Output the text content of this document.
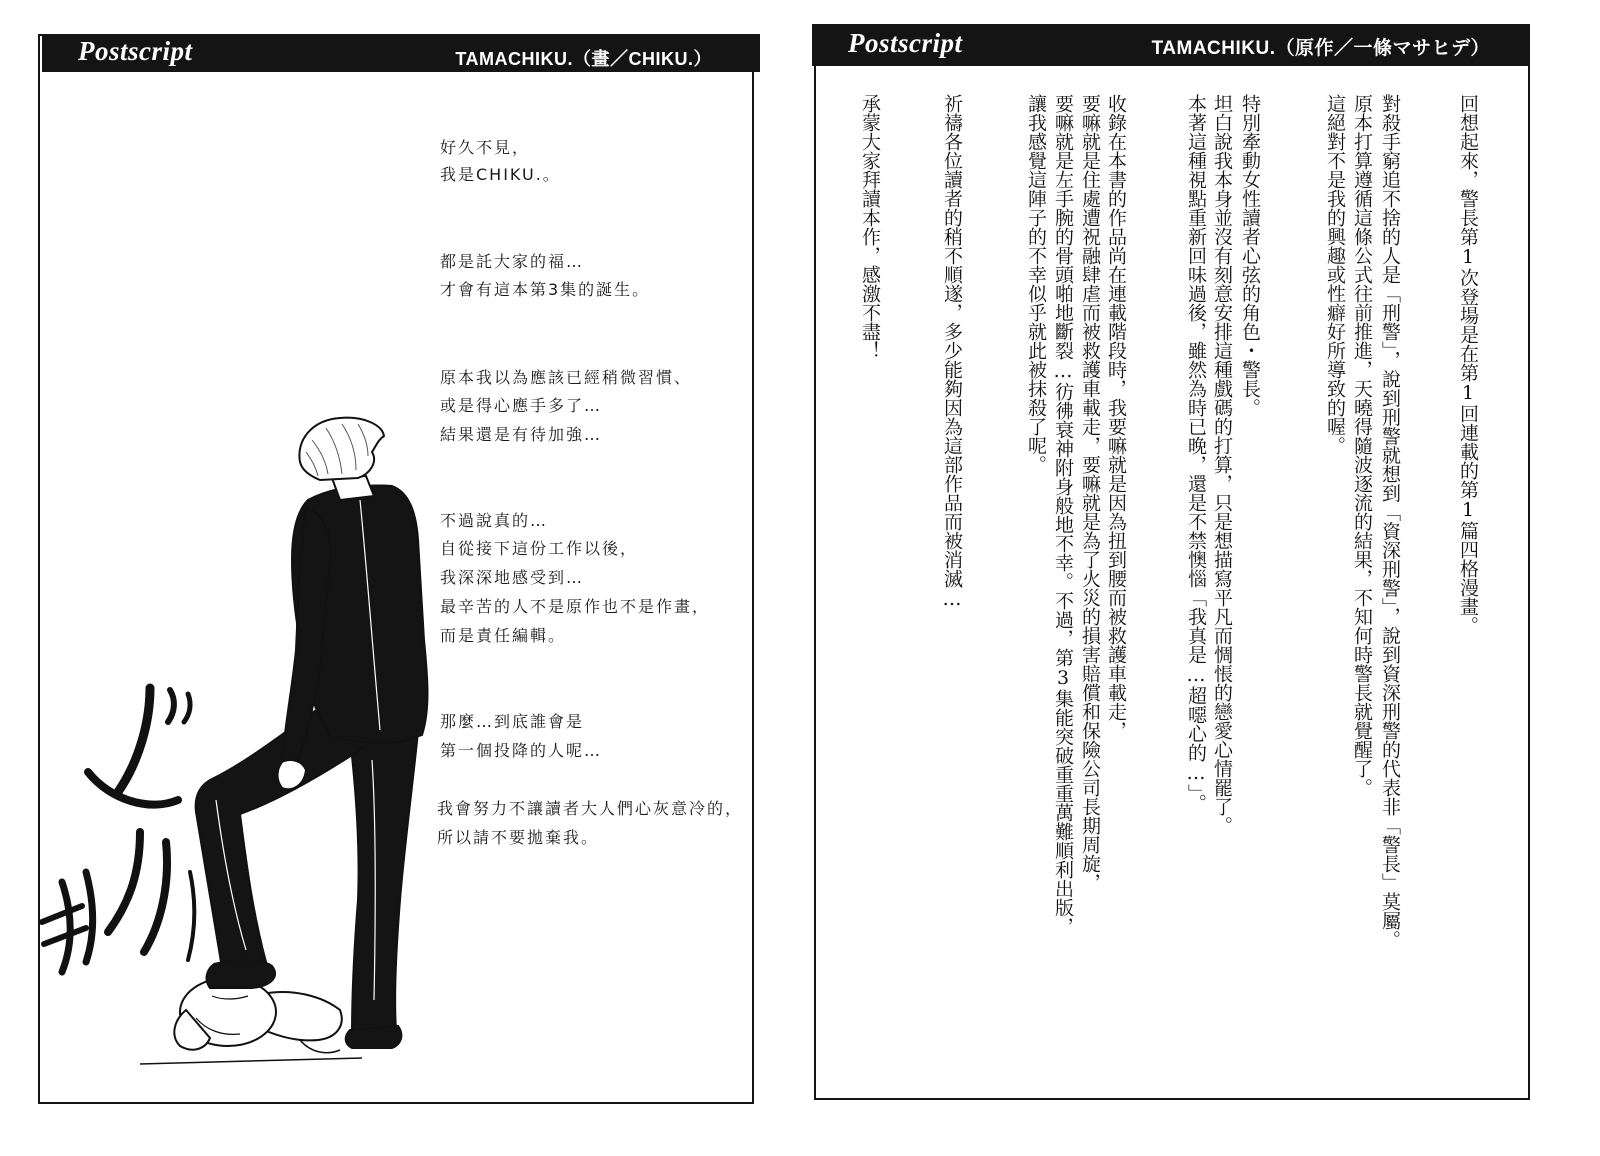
Postscript	TAMACHIKU.（畫／CHIKU.）
好久不見，
我是CHIKU.。
都是託大家的福…
才會有這本第3集的誕生。
原本我以為應該已經稍微習慣、
或是得心應手多了…
結果還是有待加強…
不過說真的…
自從接下這份工作以後，
我深深地感受到…
最辛苦的人不是原作也不是作畫，
而是責任編輯。
那麼…到底誰會是
第一個投降的人呢…
我會努力不讓讀者大人們心灰意冷的，
所以請不要拋棄我。
Postscript	TAMACHIKU.（原作／一條マサヒデ）
回想起來，警長第1次登場是在第1回連載的第1篇四格漫畫。
對殺手窮追不捨的人是「刑警」，說到刑警就想到「資深刑警」，說到資深刑警的代表非「警長」莫屬。
原本打算遵循這條公式往前推進，天曉得隨波逐流的結果，不知何時警長就覺醒了。
這絕對不是我的興趣或性癖好所導致的喔。
特別牽動女性讀者心弦的角色・警長。
坦白說我本身並沒有刻意安排這種戲碼的打算，只是想描寫平凡而惆悵的戀愛心情罷了。
本著這種視點重新回味過後，雖然為時已晚，還是不禁懊惱「我真是…超噁心的…」。
收錄在本書的作品尚在連載階段時，我要嘛就是因為扭到腰而被救護車載走，
要嘛就是住處遭祝融肆虐而被救護車載走，要嘛就是為了火災的損害賠償和保險公司長期周旋，
要嘛就是左手腕的骨頭啪地斷裂…彷彿衰神附身般地不幸。不過，第3集能突破重重萬難順利出版，
讓我感覺這陣子的不幸似乎就此被抹殺了呢。
祈禱各位讀者的稍不順遂，多少能夠因為這部作品而被消滅…
承蒙大家拜讀本作，感激不盡！
